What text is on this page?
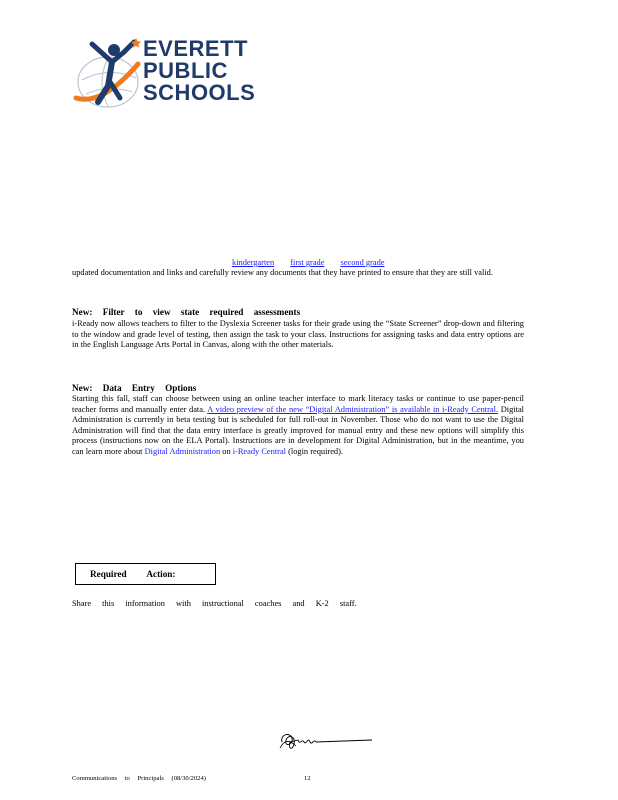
EVERETT
PUBLIC
SCHOOLS
kindergarten first grade second grade

updated documentation and links and carefully review any documents that they have printed to ensure that they are still valid.

New: Filter to view state required assessments

i-Ready now allows teachers to filter to the Dyslexia Screener tasks for their grade using the “State Screener” drop-down and filtering to the window and grade level of testing, then assign the task to your class. Instructions for assigning tasks and data entry options are in the English Language Arts Portal in Canvas, along with the other materials.

New: Data Entry Options

Starting this fall, staff can choose between using an online teacher interface to mark literacy tasks or continue to use paper-pencil teacher forms and manually enter data. A video preview of the new “Digital Administration” is available in i-Ready Central. Digital Administration is currently in beta testing but is scheduled for full roll-out in November. Those who do not want to use the Digital Administration will find that the data entry interface is greatly improved for manual entry and these new options will simplify this process (instructions now on the ELA Portal). Instructions are in development for Digital Administration, but in the meantime, you can learn more about Digital Administration on i-Ready Central (login required).

Required Action:
Share this information with instructional coaches and K-2 staff.
Communications to Principals (08/30/2024)	12
